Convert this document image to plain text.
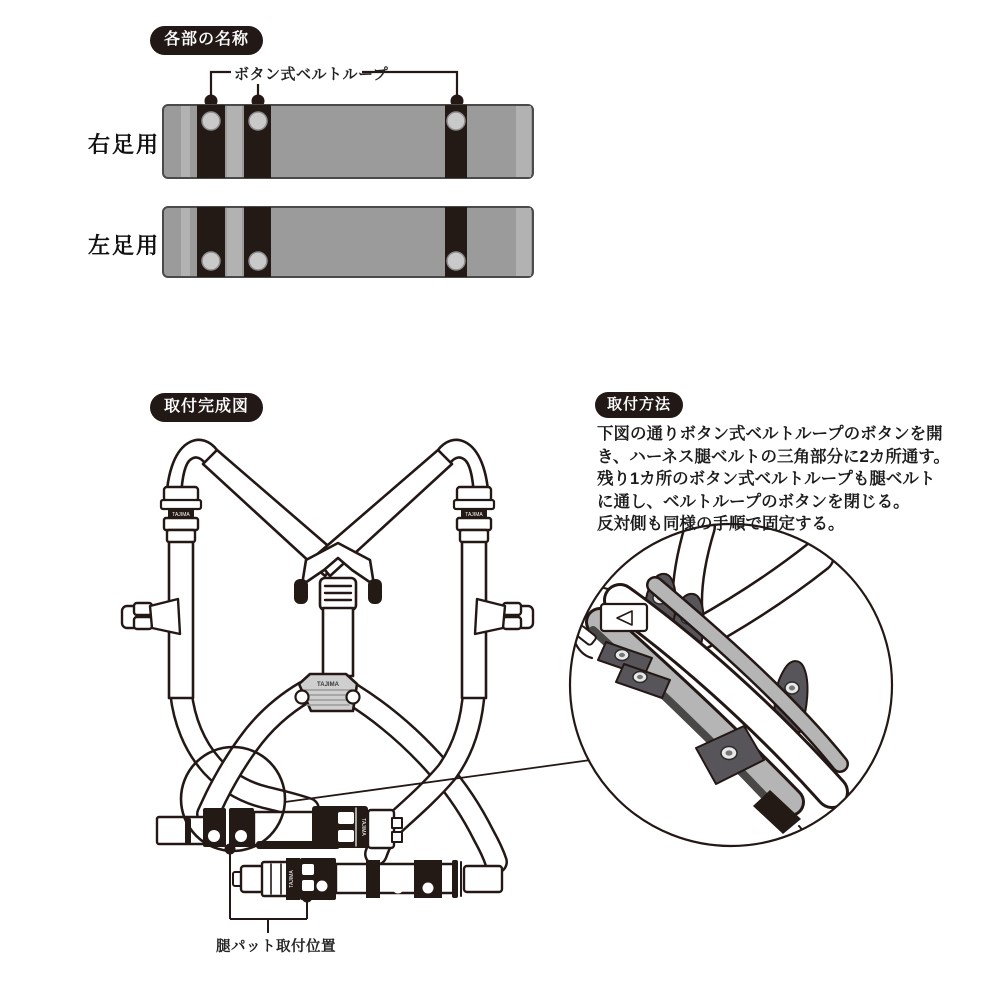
TAJIMA	TAJIMA
TAJIMA
TAJIMA
TAJIMA
各部の名称
ボタン式ベルトループ
右足用
左足用
取付完成図	取付方法
下図の通りボタン式ベルトループのボタンを開
き、ハーネス腿ベルトの三角部分に2カ所通す。
残り1カ所のボタン式ベルトループも腿ベルト
に通し、ベルトループのボタンを閉じる。
反対側も同様の手順で固定する。
腿パット取付位置
